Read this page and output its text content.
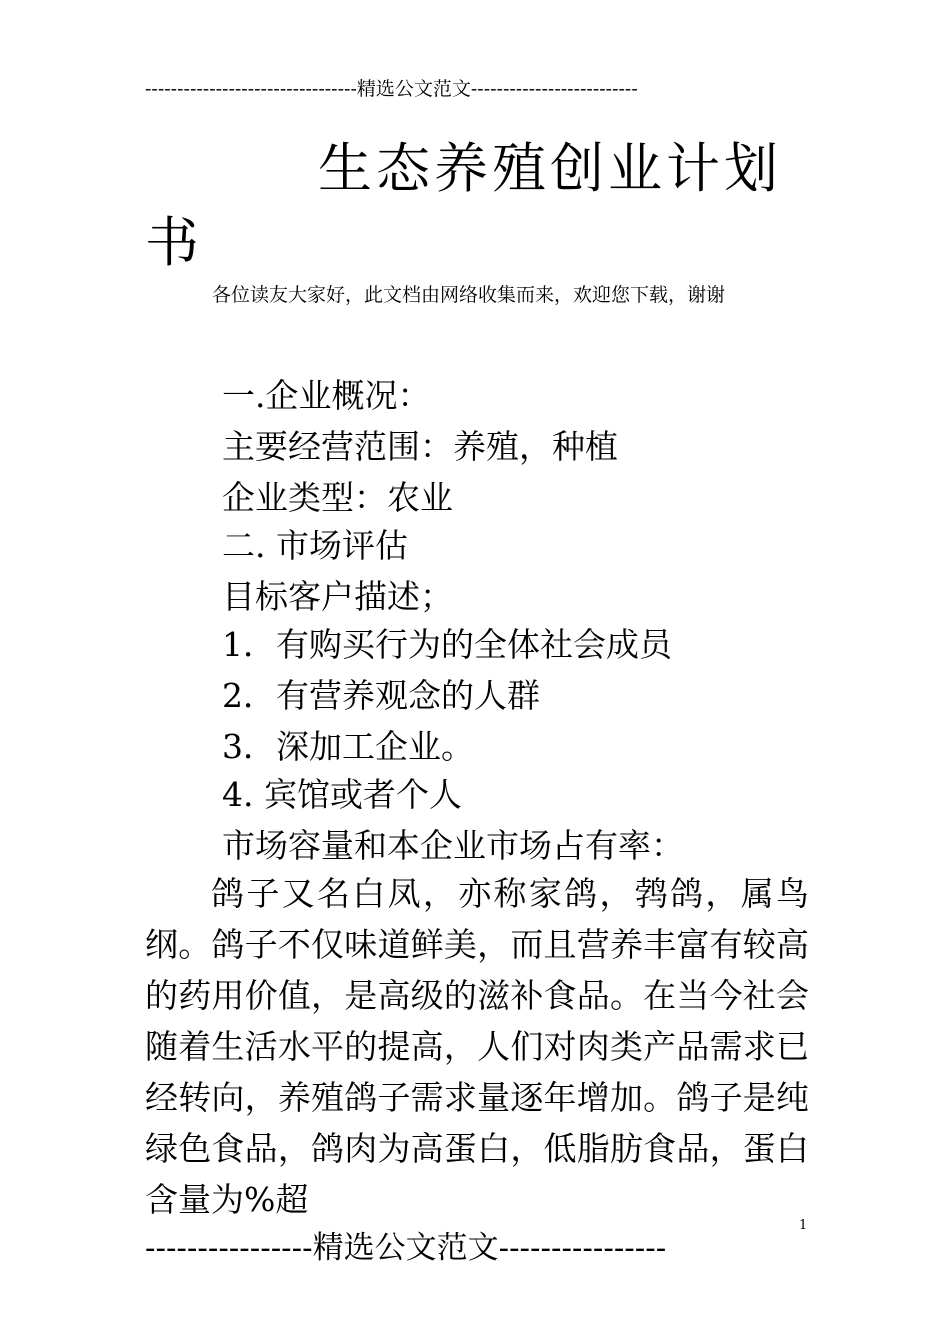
---------------------------------精选公文范文--------------------------
生态养殖创业计划
书
各位读友大家好，此文档由网络收集而来，欢迎您下载，谢谢
一.企业概况：
主要经营范围：养殖，种植
企业类型：农业
二. 市场评估
目标客户描述；
1．有购买行为的全体社会成员
2．有营养观念的人群
3．深加工企业。
4. 宾馆或者个人
市场容量和本企业市场占有率：
鸽子又名白凤，亦称家鸽，鹁鸽，属鸟纲。鸽子不仅味道鲜美，而且营养丰富有较高的药用价值，是高级的滋补食品。在当今社会随着生活水平的提高，人们对肉类产品需求已经转向，养殖鸽子需求量逐年增加。鸽子是纯绿色食品，鸽肉为高蛋白，低脂肪食品，蛋白含量为%超
1
----------------精选公文范文----------------
